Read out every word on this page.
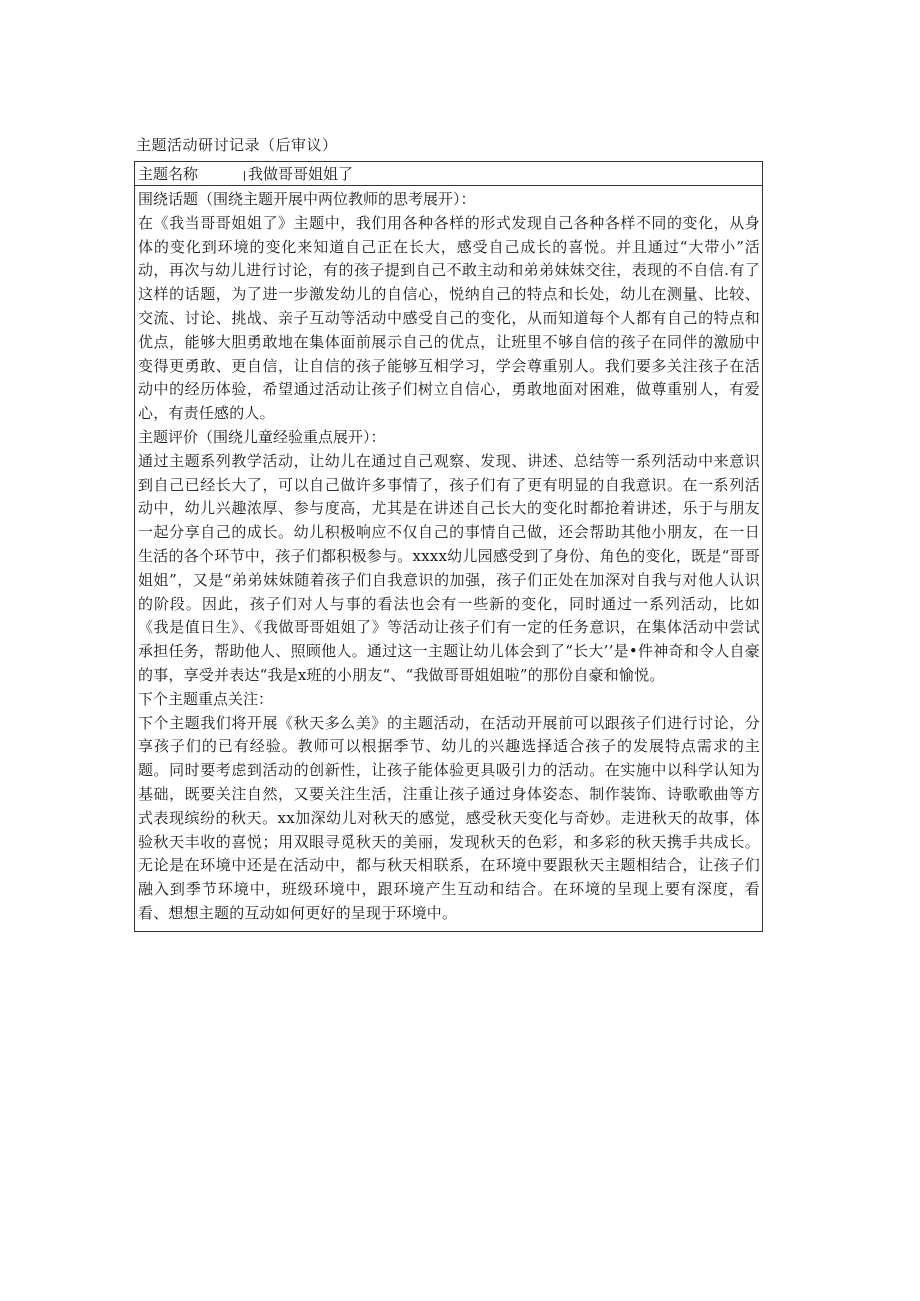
主题活动研讨记录（后审议）
主题名称	我做哥哥姐姐了
围绕话题（围绕主题开展中两位教师的思考展开）：

在《我当哥哥姐姐了》主题中，我们用各种各样的形式发现自己各种各样不同的变化，从身体的变化到环境的变化来知道自己正在长大，感受自己成长的喜悦。并且通过“大带小”活动，再次与幼儿进行讨论，有的孩子提到自己不敢主动和弟弟妹妹交往，表现的不自信.有了这样的话题，为了进一步激发幼儿的自信心，悦纳自己的特点和长处，幼儿在测量、比较、交流、讨论、挑战、亲子互动等活动中感受自己的变化，从而知道每个人都有自己的特点和优点，能够大胆勇敢地在集体面前展示自己的优点，让班里不够自信的孩子在同伴的激励中变得更勇敢、更自信，让自信的孩子能够互相学习，学会尊重别人。我们要多关注孩子在活动中的经历体验，希望通过活动让孩子们树立自信心，勇敢地面对困难，做尊重别人，有爱心，有责任感的人。

主题评价（围绕儿童经验重点展开）：

通过主题系列教学活动，让幼儿在通过自己观察、发现、讲述、总结等一系列活动中来意识到自己已经长大了，可以自己做许多事情了，孩子们有了更有明显的自我意识。在一系列活动中，幼儿兴趣浓厚、参与度高，尤其是在讲述自己长大的变化时都抢着讲述，乐于与朋友一起分享自己的成长。幼儿积极响应不仅自己的事情自己做，还会帮助其他小朋友，在一日生活的各个环节中，孩子们都积极参与。xxxx幼儿园感受到了身份、角色的变化，既是“哥哥姐姐”，又是“弟弟妹妹随着孩子们自我意识的加强，孩子们正处在加深对自我与对他人认识的阶段。因此，孩子们对人与事的看法也会有一些新的变化，同时通过一系列活动，比如《我是值日生》、《我做哥哥姐姐了》等活动让孩子们有一定的任务意识，在集体活动中尝试承担任务，帮助他人、照顾他人。通过这一主题让幼儿体会到了“长大’’是•件神奇和令人自豪的事，享受并表达“我是x班的小朋友“、“我做哥哥姐姐啦”的那份自豪和愉悦。

下个主题重点关注：

下个主题我们将开展《秋天多么美》的主题活动，在活动开展前可以跟孩子们进行讨论，分享孩子们的已有经验。教师可以根据季节、幼儿的兴趣选择适合孩子的发展特点需求的主题。同时要考虑到活动的创新性，让孩子能体验更具吸引力的活动。在实施中以科学认知为基础，既要关注自然，又要关注生活，注重让孩子通过身体姿态、制作装饰、诗歌歌曲等方式表现缤纷的秋天。xx加深幼儿对秋天的感觉，感受秋天变化与奇妙。走进秋天的故事，体验秋天丰收的喜悦；用双眼寻觅秋天的美丽，发现秋天的色彩，和多彩的秋天携手共成长。无论是在环境中还是在活动中，都与秋天相联系，在环境中要跟秋天主题相结合，让孩子们融入到季节环境中，班级环境中，跟环境产生互动和结合。在环境的呈现上要有深度，看看、想想主题的互动如何更好的呈现于环境中。
